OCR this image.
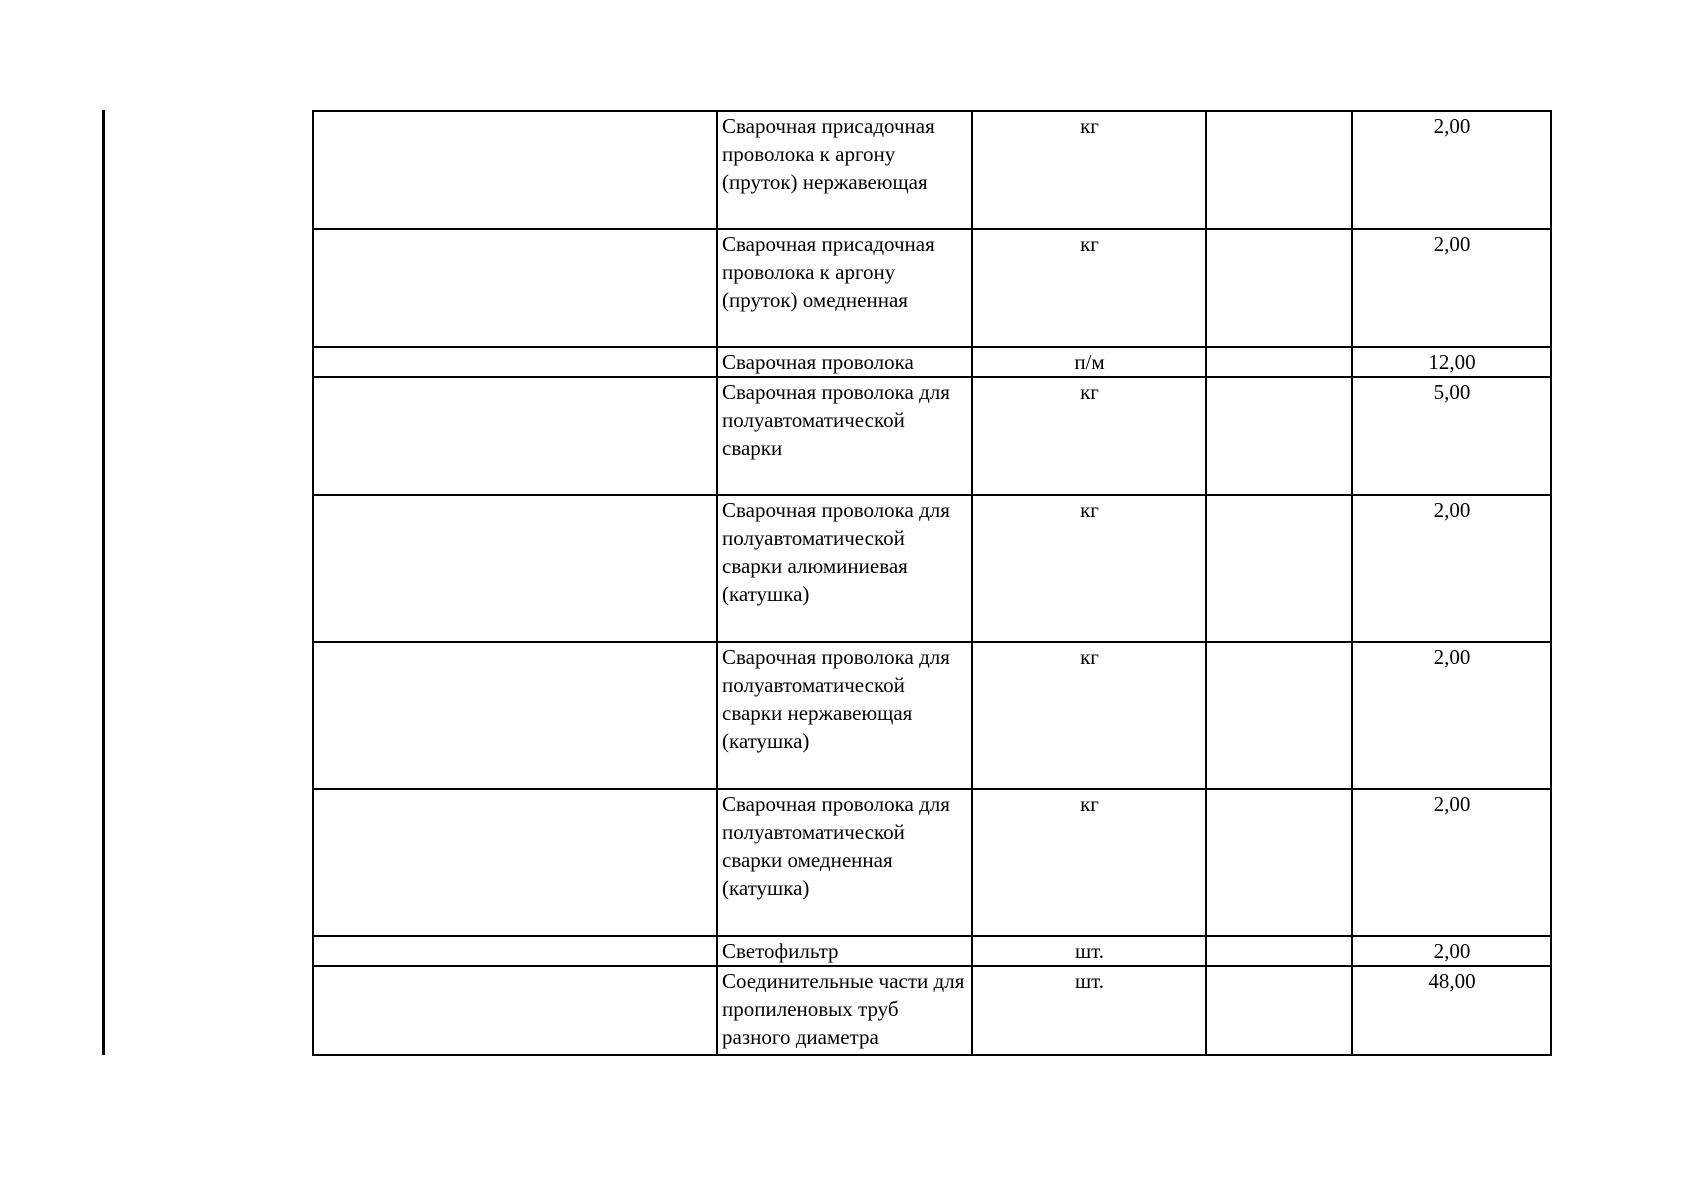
	Сварочная присадочная проволока к аргону (пруток) нержавеющая	кг		2,00
	Сварочная присадочная проволока к аргону (пруток) омедненная	кг		2,00
	Сварочная проволока	п/м		12,00
	Сварочная проволока для полуавтоматической сварки	кг		5,00
	Сварочная проволока для полуавтоматической сварки алюминиевая (катушка)	кг		2,00
	Сварочная проволока для полуавтоматической сварки нержавеющая (катушка)	кг		2,00
	Сварочная проволока для полуавтоматической сварки омедненная (катушка)	кг		2,00
	Светофильтр	шт.		2,00
	Соединительные части для пропиленовых труб разного диаметра	шт.		48,00
